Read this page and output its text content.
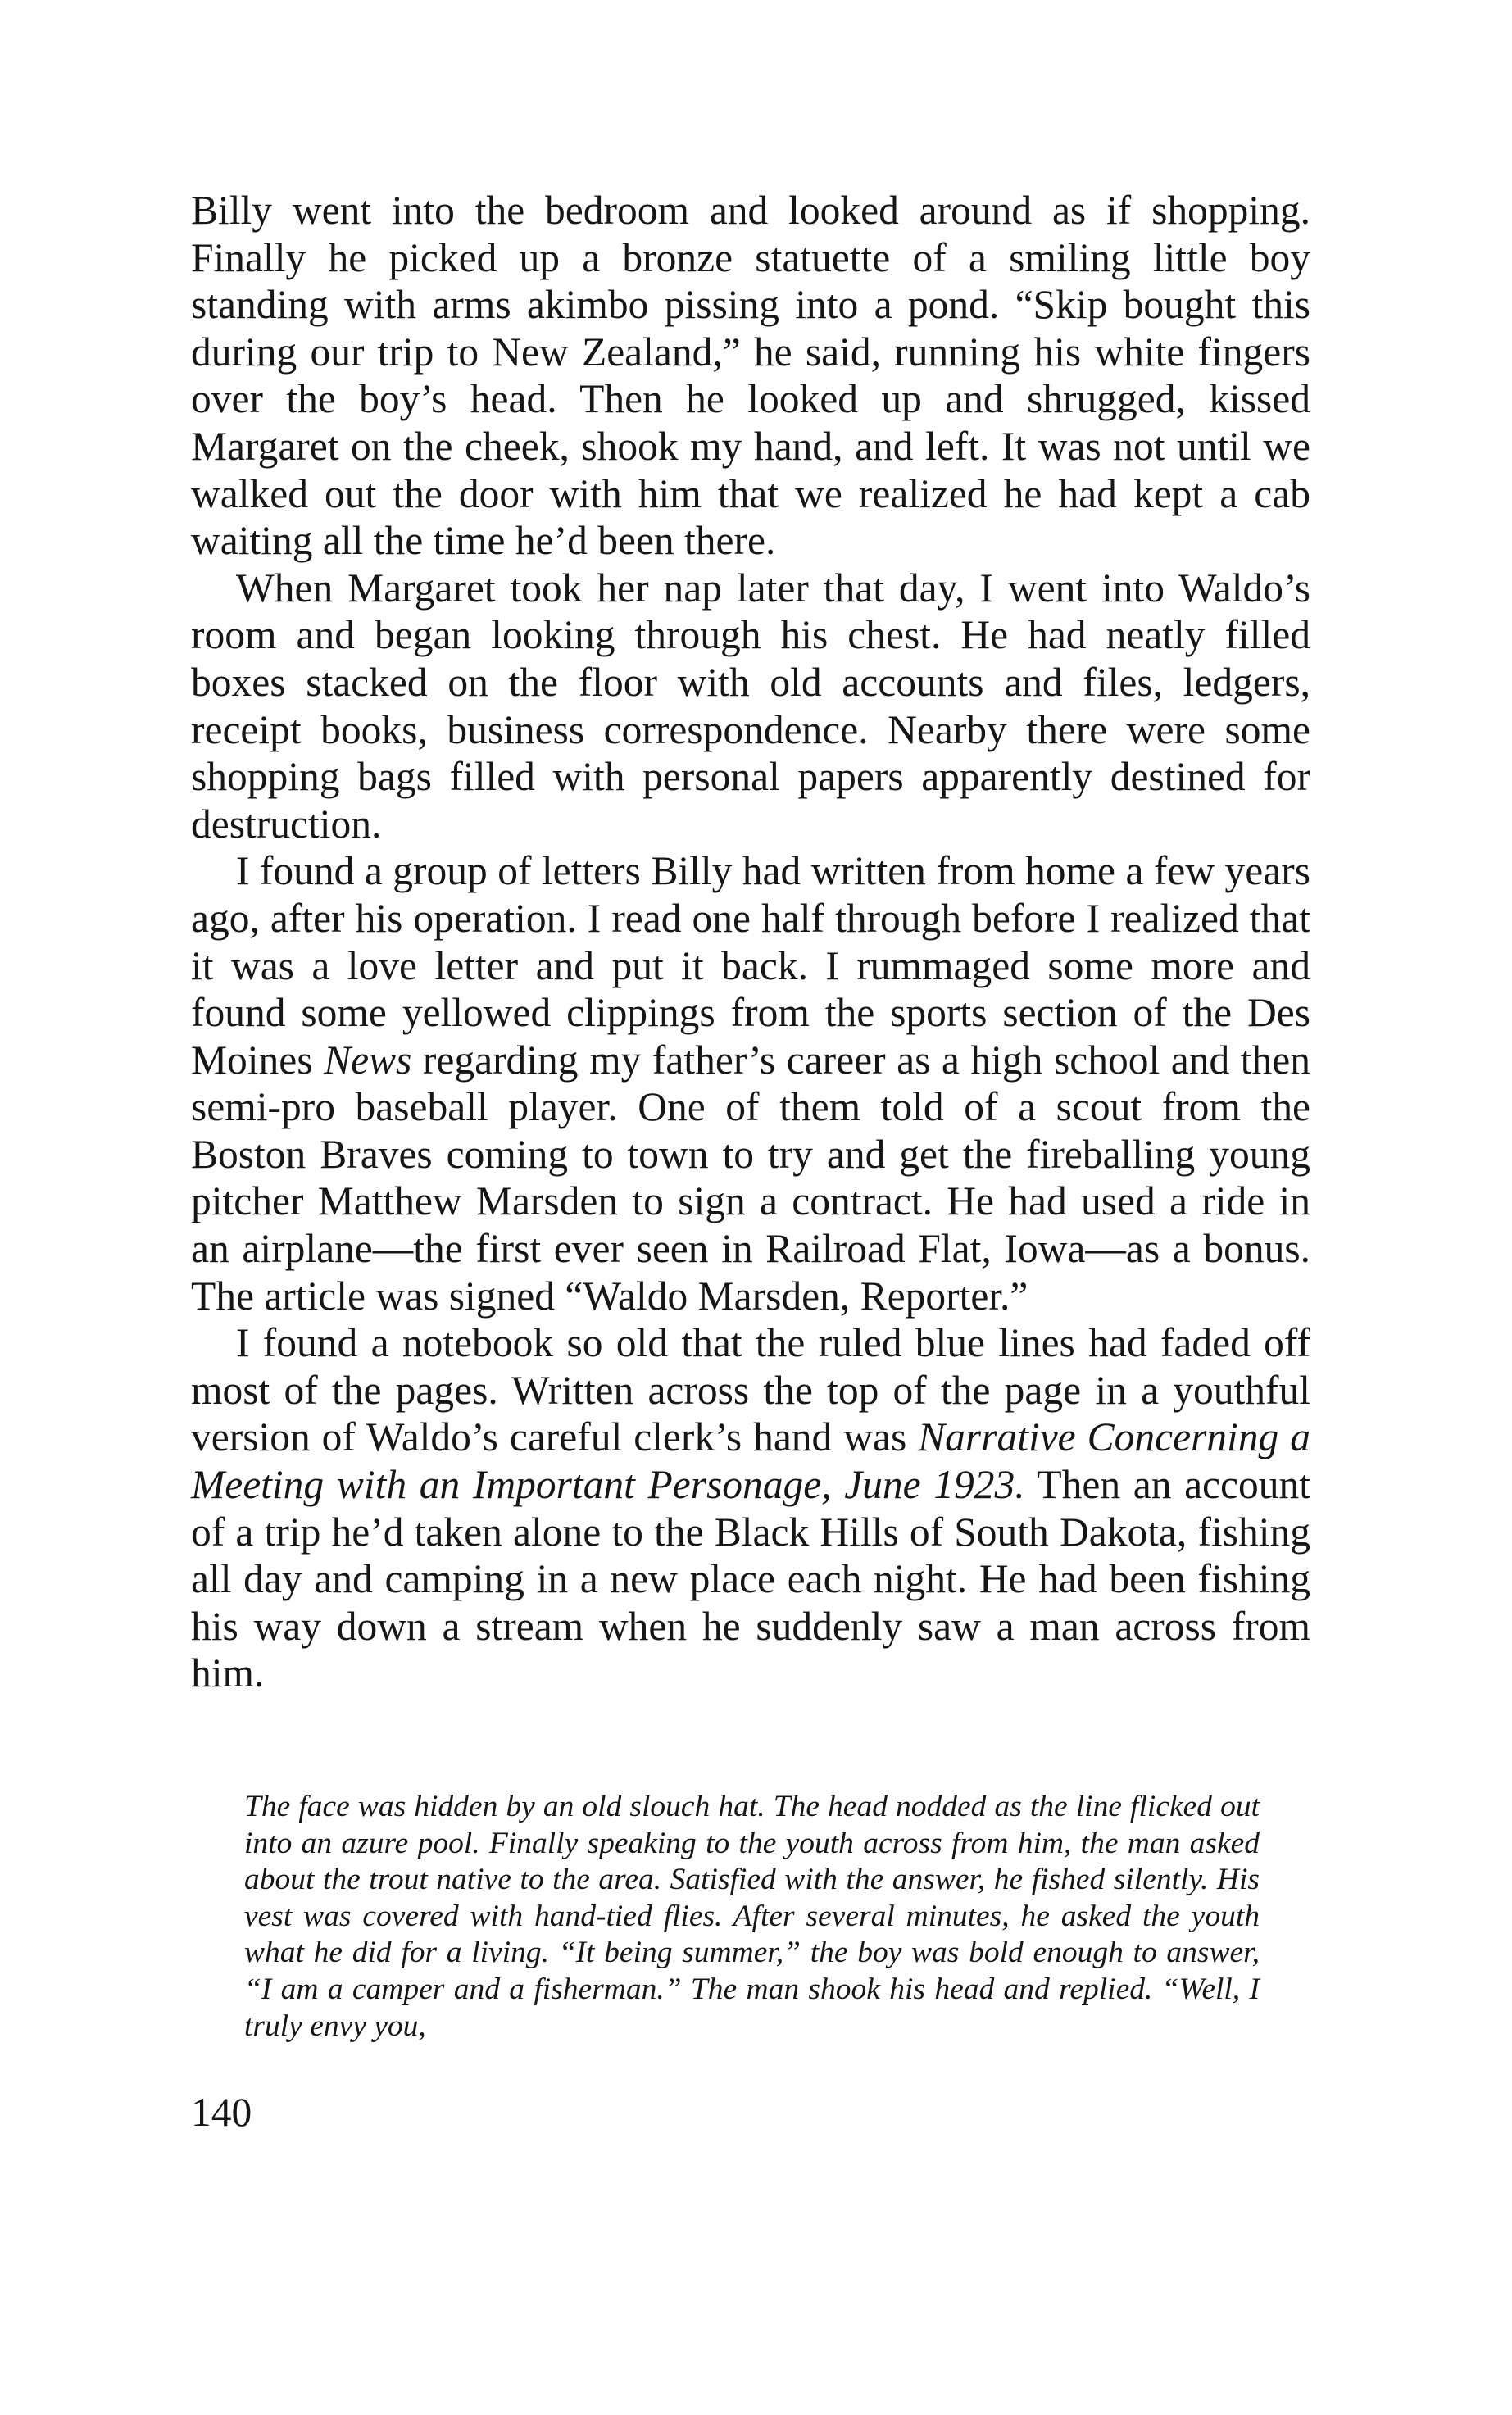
Billy went into the bedroom and looked around as if shopping. Finally he picked up a bronze statuette of a smiling little boy standing with arms akimbo pissing into a pond. “Skip bought this during our trip to New Zealand,” he said, running his white fingers over the boy’s head. Then he looked up and shrugged, kissed Margaret on the cheek, shook my hand, and left. It was not until we walked out the door with him that we realized he had kept a cab waiting all the time he’d been there.

When Margaret took her nap later that day, I went into Waldo’s room and began looking through his chest. He had neatly filled boxes stacked on the floor with old accounts and files, ledgers, receipt books, business correspondence. Nearby there were some shopping bags filled with personal papers apparently destined for destruction.

I found a group of letters Billy had written from home a few years ago, after his operation. I read one half through before I realized that it was a love letter and put it back. I rummaged some more and found some yellowed clippings from the sports section of the Des Moines News regarding my father’s career as a high school and then semi-pro baseball player. One of them told of a scout from the Boston Braves coming to town to try and get the fireballing young pitcher Matthew Marsden to sign a contract. He had used a ride in an airplane—the first ever seen in Railroad Flat, Iowa—as a bonus. The article was signed “Waldo Marsden, Reporter.”

I found a notebook so old that the ruled blue lines had faded off most of the pages. Written across the top of the page in a youthful version of Waldo’s careful clerk’s hand was Narrative Concerning a Meeting with an Important Personage, June 1923. Then an account of a trip he’d taken alone to the Black Hills of South Dakota, fishing all day and camping in a new place each night. He had been fishing his way down a stream when he suddenly saw a man across from him.

The face was hidden by an old slouch hat. The head nodded as the line flicked out into an azure pool. Finally speaking to the youth across from him, the man asked about the trout native to the area. Satisfied with the answer, he fished silently. His vest was covered with hand-tied flies. After several minutes, he asked the youth what he did for a living. “It being summer,” the boy was bold enough to answer, “I am a camper and a fisherman.” The man shook his head and replied. “Well, I truly envy you,

140
